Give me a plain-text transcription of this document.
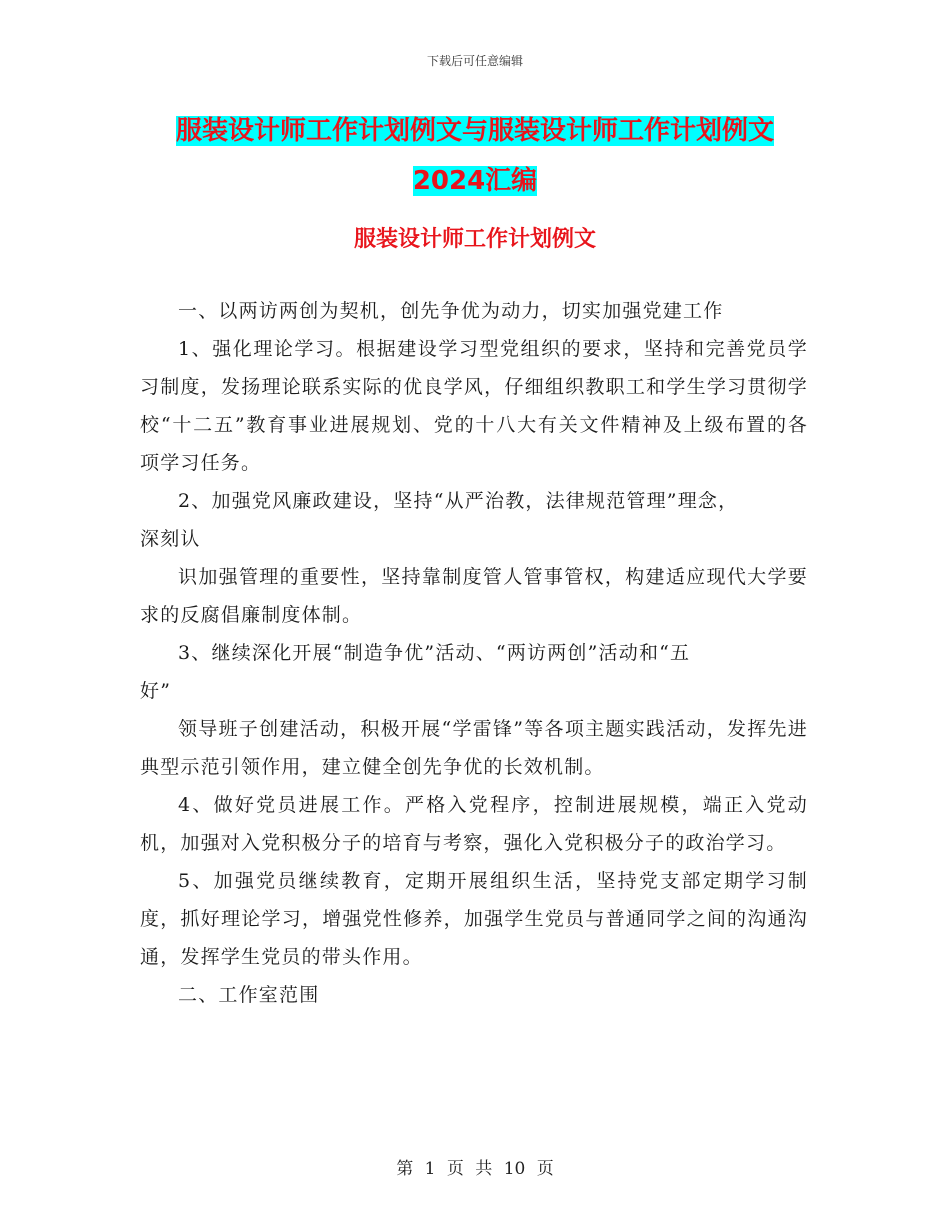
下载后可任意编辑
服装设计师工作计划例文与服装设计师工作计划例文
2024汇编
服装设计师工作计划例文

一、以两访两创为契机，创先争优为动力，切实加强党建工作

1、强化理论学习。根据建设学习型党组织的要求，坚持和完善党员学习制度，发扬理论联系实际的优良学风，仔细组织教职工和学生学习贯彻学校“十二五”教育事业进展规划、党的十八大有关文件精神及上级布置的各项学习任务。

2、加强党风廉政建设，坚持“从严治教，法律规范管理”理念，

深刻认

识加强管理的重要性，坚持靠制度管人管事管权，构建适应现代大学要求的反腐倡廉制度体制。

3、继续深化开展“制造争优”活动、“两访两创”活动和“五

好”

领导班子创建活动，积极开展“学雷锋”等各项主题实践活动，发挥先进典型示范引领作用，建立健全创先争优的长效机制。

4、做好党员进展工作。严格入党程序，控制进展规模，端正入党动机，加强对入党积极分子的培育与考察，强化入党积极分子的政治学习。

5、加强党员继续教育，定期开展组织生活，坚持党支部定期学习制度，抓好理论学习，增强党性修养，加强学生党员与普通同学之间的沟通沟通，发挥学生党员的带头作用。

二、工作室范围

第 1 页 共 10 页
